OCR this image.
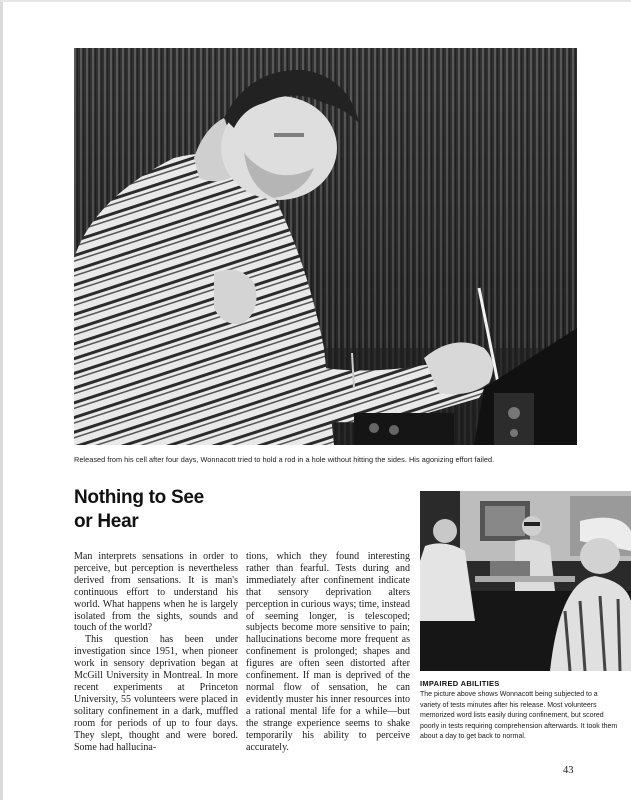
Released from his cell after four days, Wonnacott tried to hold a rod in a hole without hitting the sides. His agonizing effort failed.
Nothing to See
or Hear

Man interprets sensations in order to perceive, but perception is nevertheless derived from sensations. It is man's continuous effort to understand his world. What happens when he is largely isolated from the sights, sounds and touch of the world?

This question has been under investigation since 1951, when pioneer work in sensory deprivation began at McGill University in Montreal. In more recent experiments at Princeton University, 55 volunteers were placed in solitary confinement in a dark, muffled room for periods of up to four days. They slept, thought and were bored. Some had hallucina-

tions, which they found interesting rather than fearful. Tests during and immediately after confinement indicate that sensory deprivation alters perception in curious ways; time, instead of seeming longer, is telescoped; subjects become more sensitive to pain; hallucinations become more frequent as confinement is prolonged; shapes and figures are often seen distorted after confinement. If man is deprived of the normal flow of sensation, he can evidently muster his inner resources into a rational mental life for a while—but the strange experience seems to shake temporarily his ability to perceive accurately.

IMPAIRED ABILITIES
The picture above shows Wonnacott being subjected to a variety of tests minutes after his release. Most volunteers memorized word lists easily during confinement, but scored poorly in tests requiring comprehension afterwards. It took them about a day to get back to normal.
43
